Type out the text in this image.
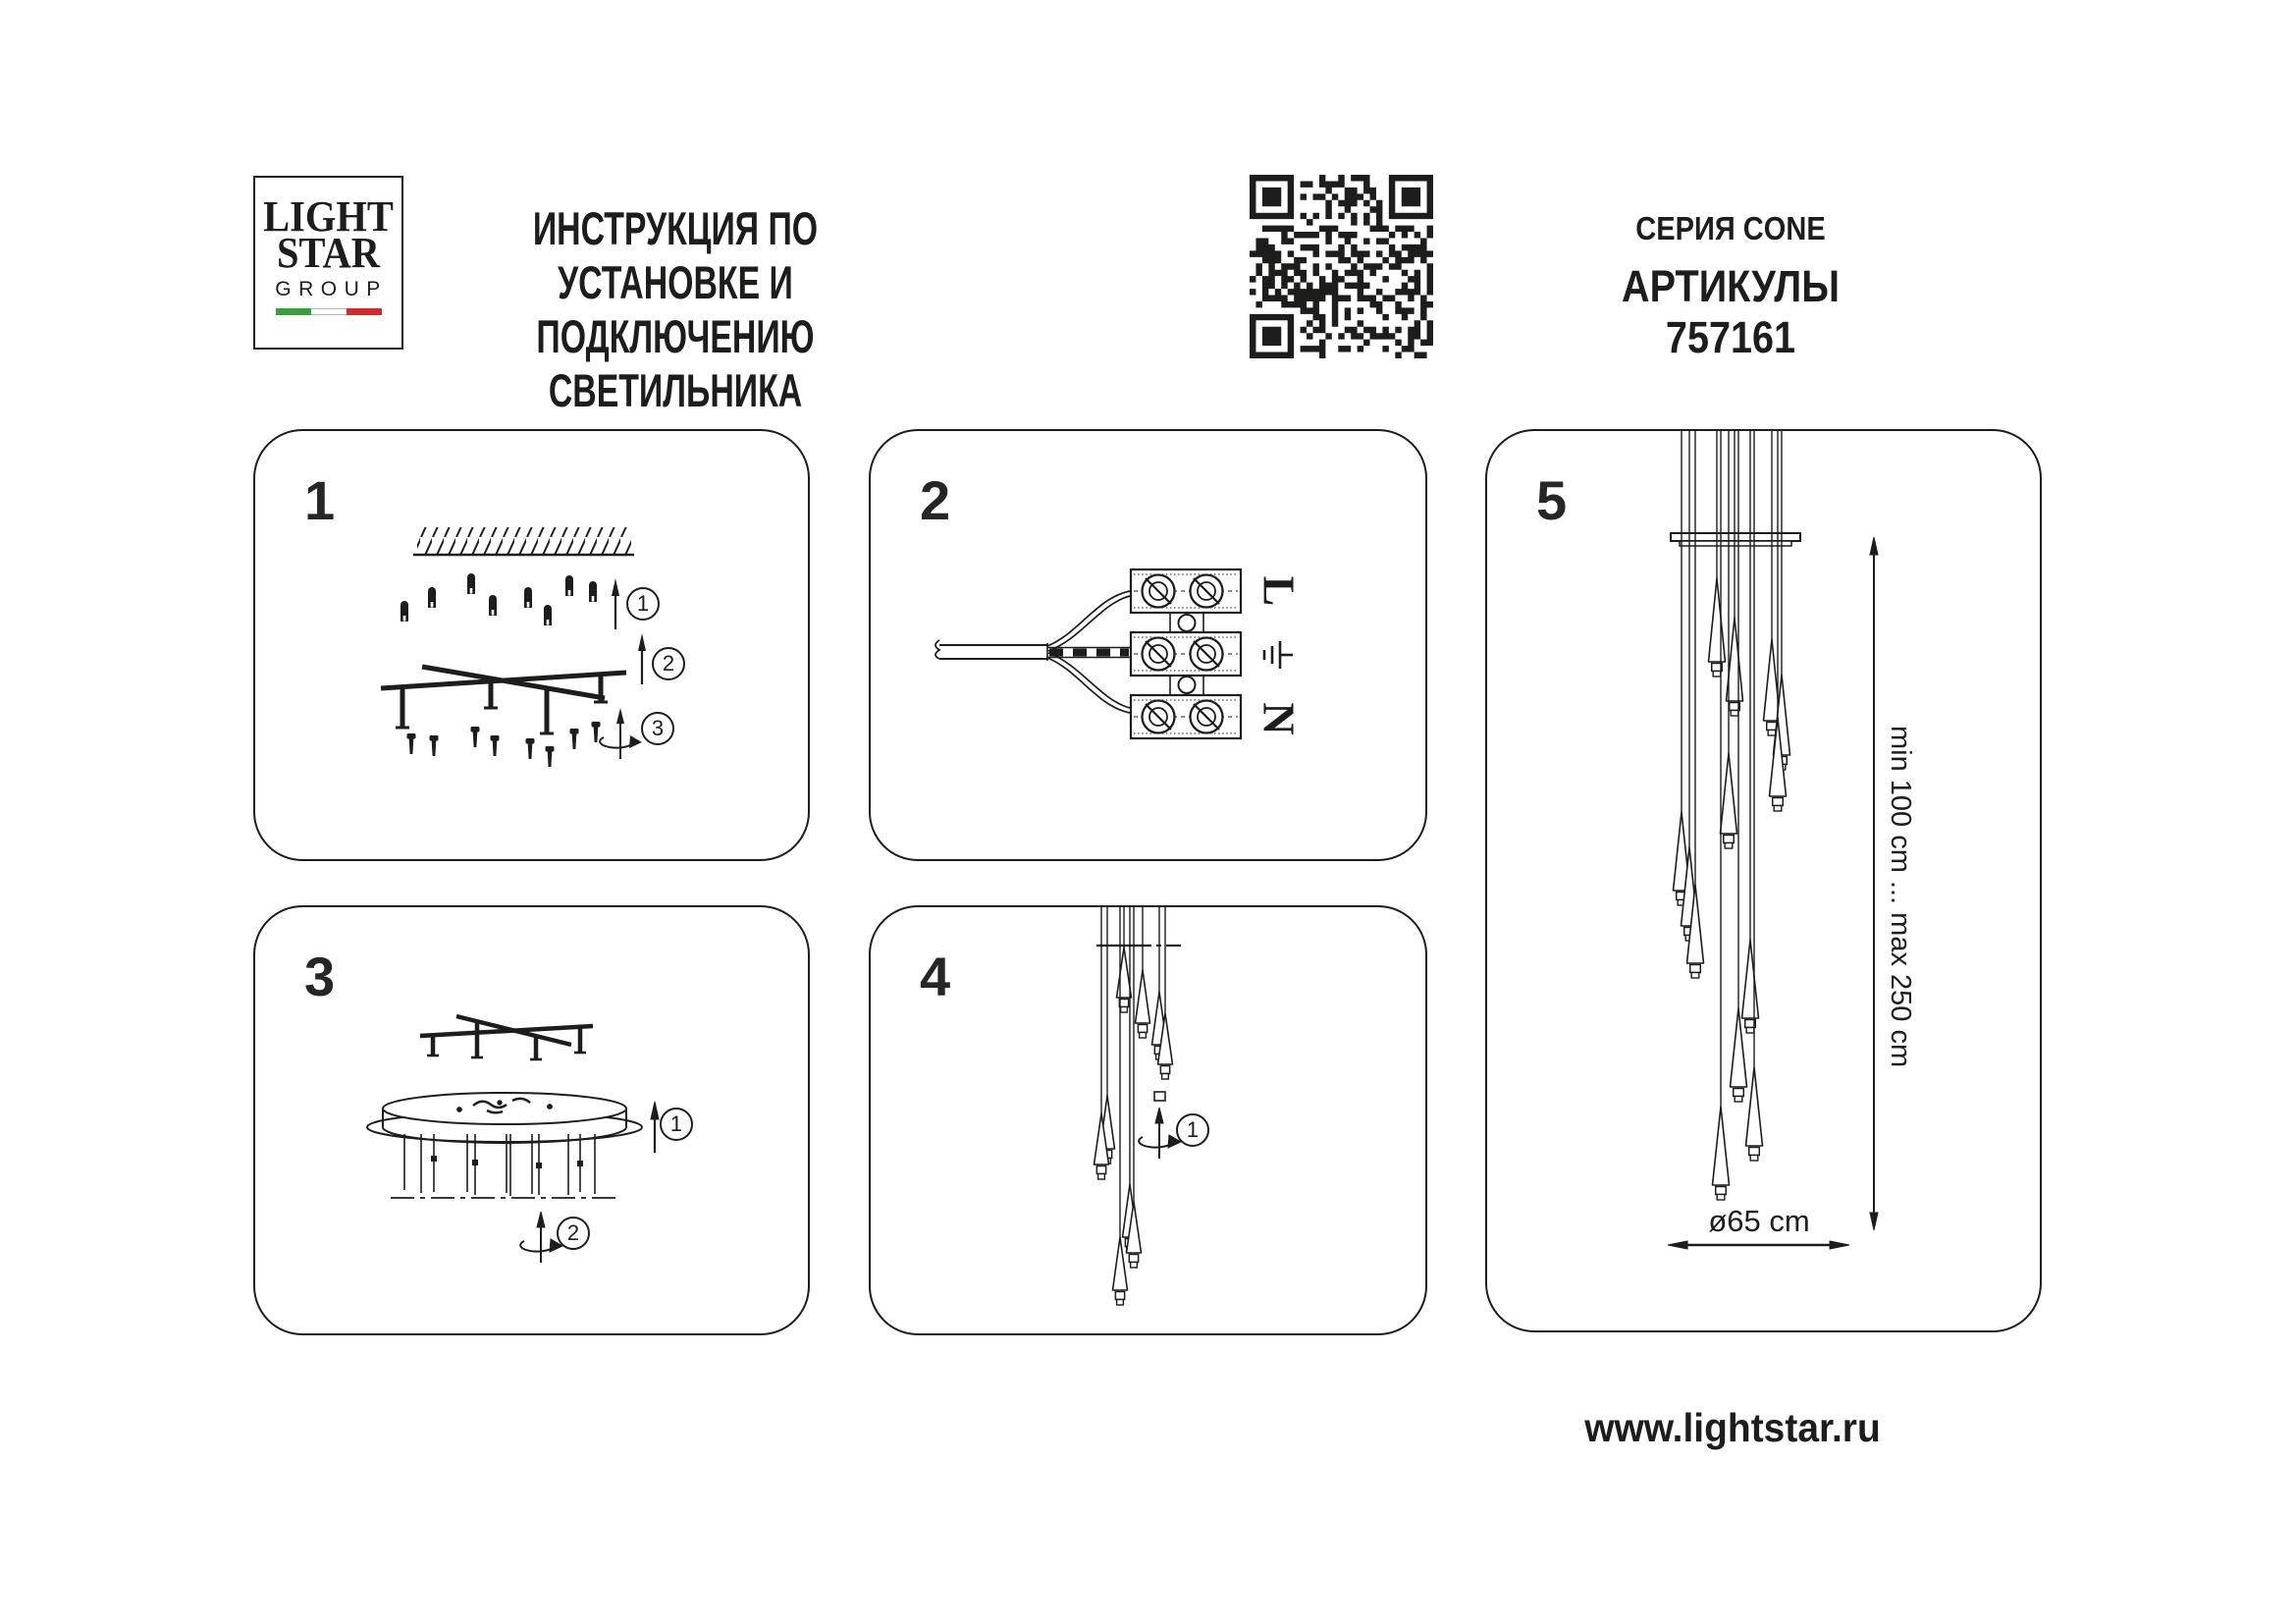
LIGHT
STAR
GROUP
ИНСТРУКЦИЯ ПО УСТАНОВКЕ И
ПОДКЛЮЧЕНИЮ СВЕТИЛЬНИКА
СЕРИЯ CONE
АРТИКУЛЫ 757161
1
1
2
3
L
N
2
3
1
2
4
1
5
min 100 cm ... max 250 cm
ø65 cm
www.lightstar.ru
